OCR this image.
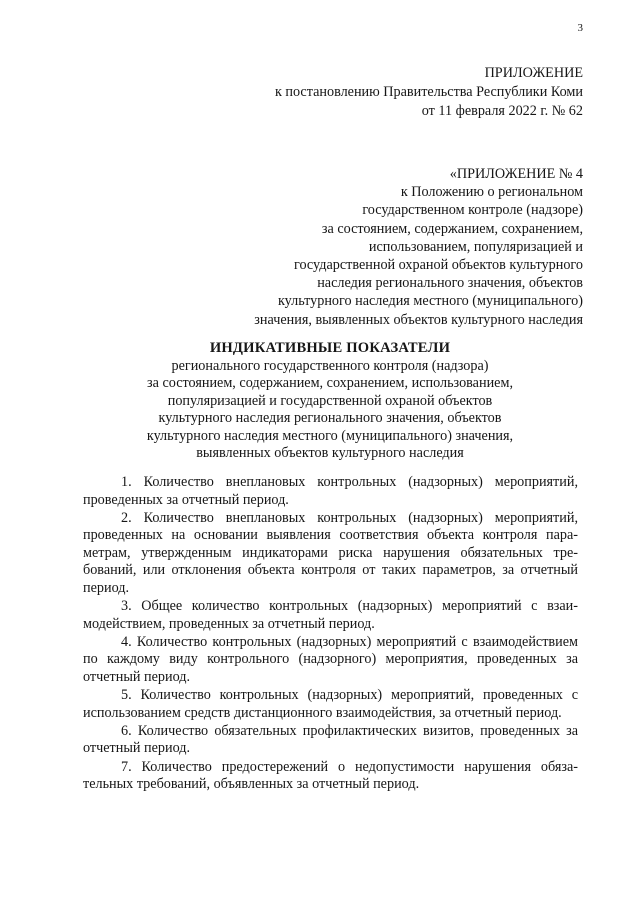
3
ПРИЛОЖЕНИЕ
к постановлению Правительства Республики Коми
от 11 февраля 2022 г. № 62
«ПРИЛОЖЕНИЕ № 4
к Положению о региональном
государственном контроле (надзоре)
за состоянием, содержанием, сохранением,
использованием, популяризацией и
государственной охраной объектов культурного
наследия регионального значения, объектов
культурного наследия местного (муниципального)
значения, выявленных объектов культурного наследия
ИНДИКАТИВНЫЕ ПОКАЗАТЕЛИ
регионального государственного контроля (надзора)
за состоянием, содержанием, сохранением, использованием,
популяризацией и государственной охраной объектов
культурного наследия регионального значения, объектов
культурного наследия местного (муниципального) значения,
выявленных объектов культурного наследия

1. Количество внеплановых контрольных (надзорных) мероприятий, проведенных за отчетный период.

2. Количество внеплановых контрольных (надзорных) мероприятий, проведенных на основании выявления соответствия объекта контроля параметрам, утвержденным индикаторами риска нарушения обязательных требований, или отклонения объекта контроля от таких параметров, за отчетный период.

3. Общее количество контрольных (надзорных) мероприятий с взаимодействием, проведенных за отчетный период.

4. Количество контрольных (надзорных) мероприятий с взаимодействием по каждому виду контрольного (надзорного) мероприятия, проведенных за отчетный период.

5. Количество контрольных (надзорных) мероприятий, проведенных с использованием средств дистанционного взаимодействия, за отчетный период.

6. Количество обязательных профилактических визитов, проведенных за отчетный период.

7. Количество предостережений о недопустимости нарушения обязательных требований, объявленных за отчетный период.
